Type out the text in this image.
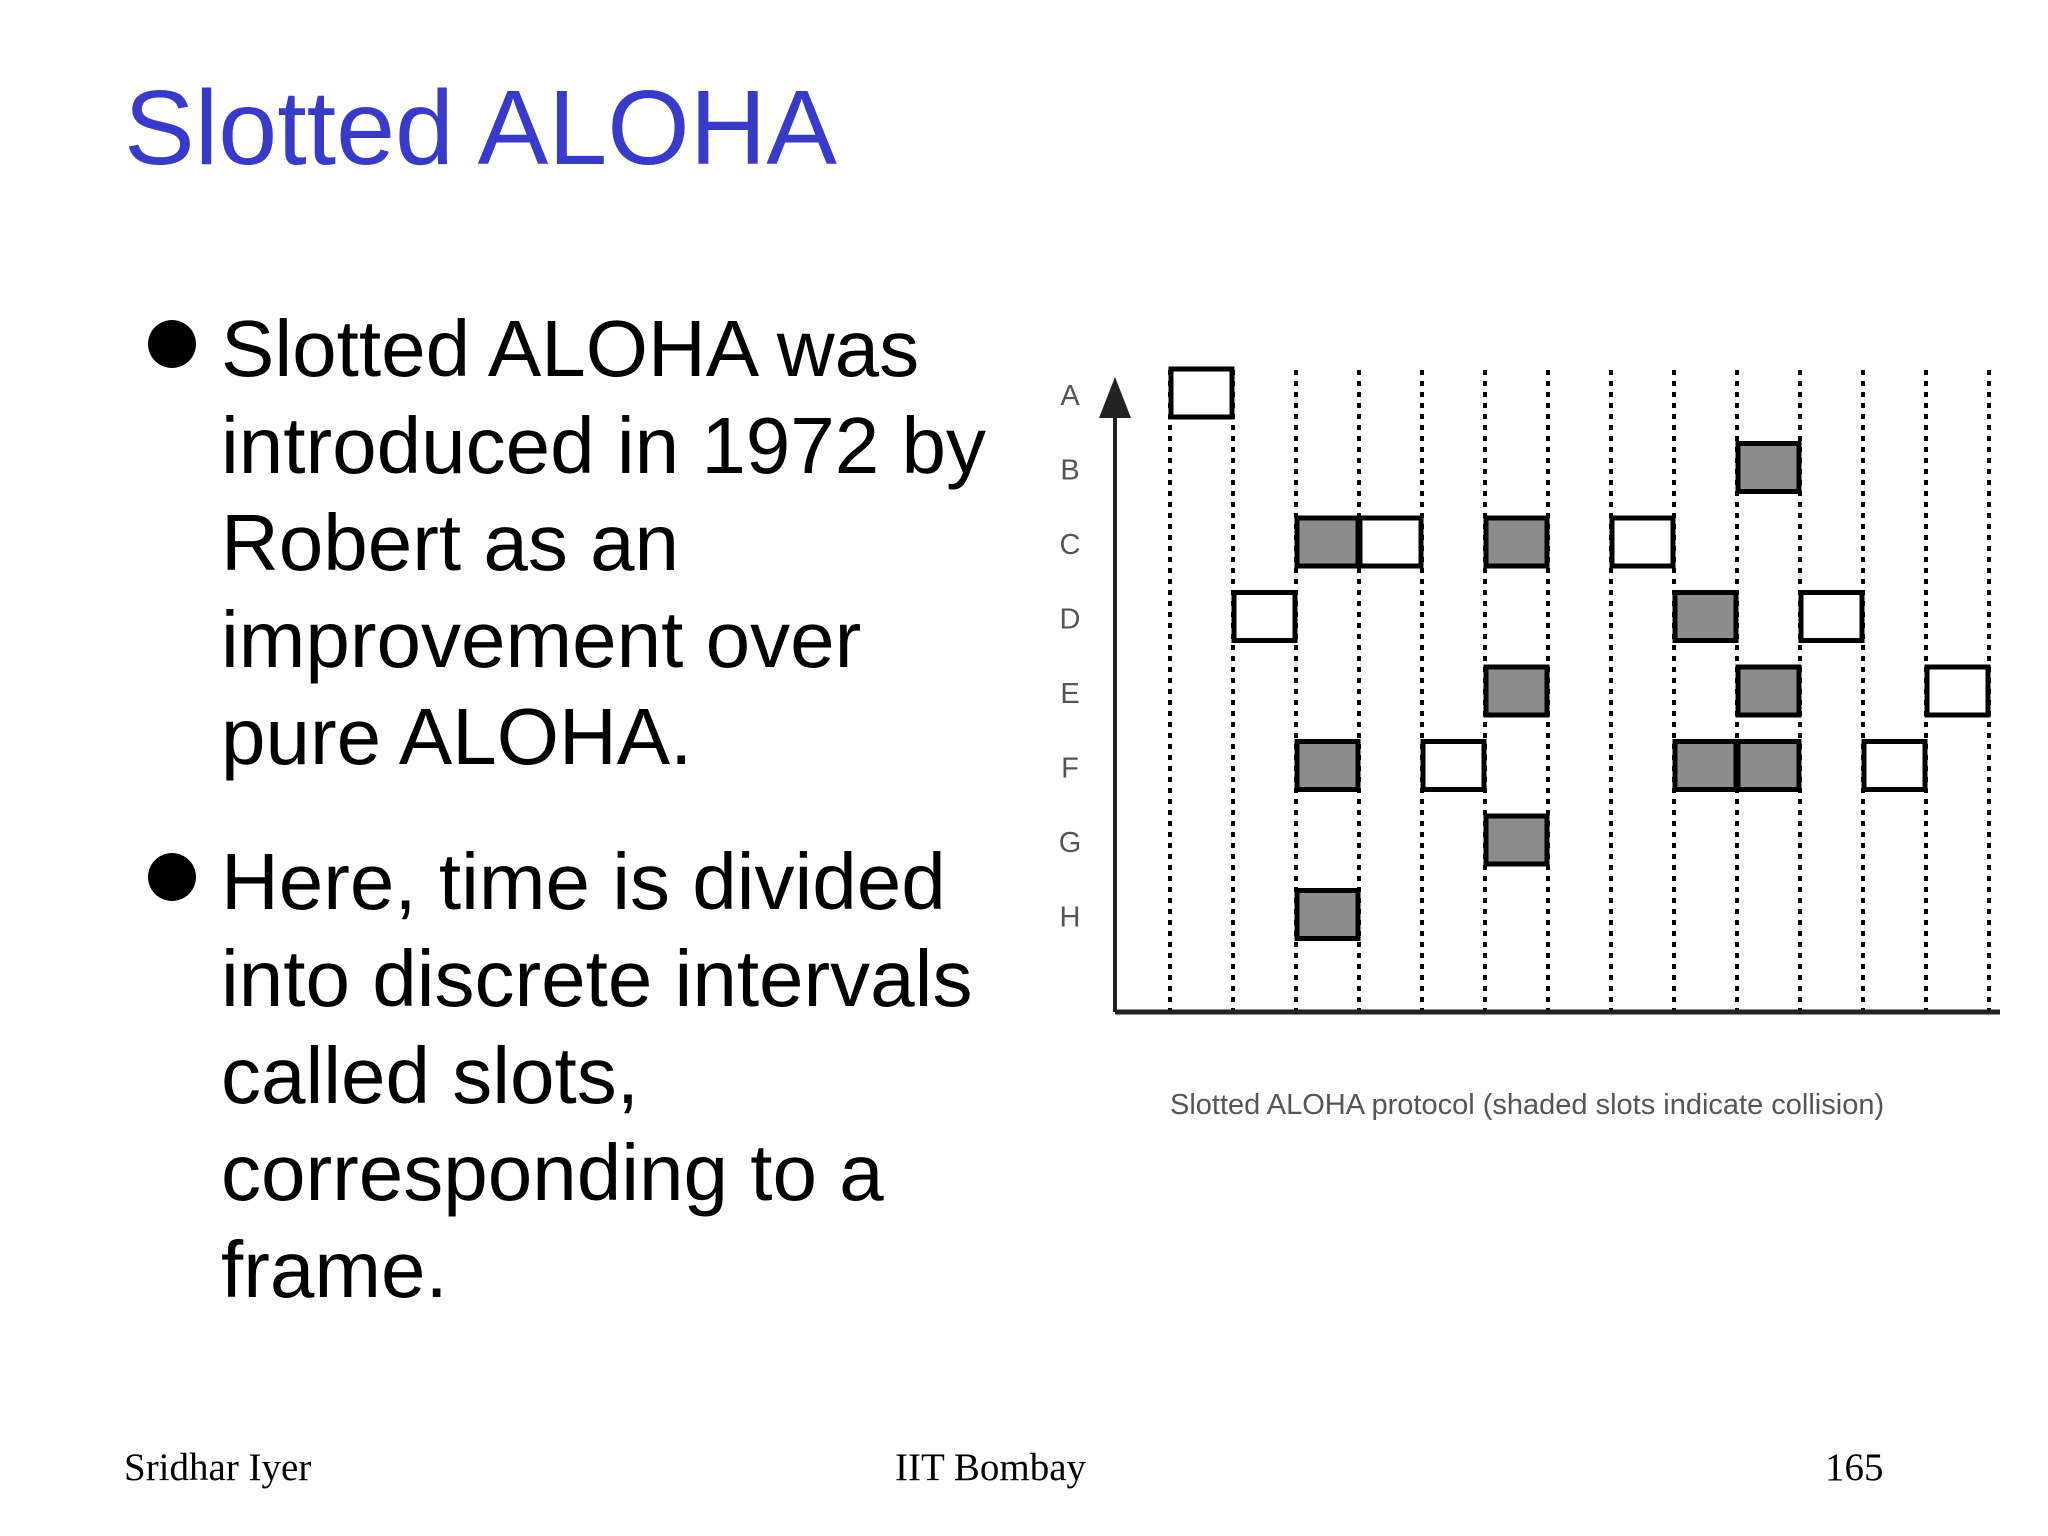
Slotted ALOHA
Slotted ALOHA was introduced in 1972 by Robert as an improvement over pure ALOHA.
Here, time is divided into discrete intervals called slots, corresponding to a frame.
A
B
C
D
E
F
G
H
Slotted ALOHA protocol (shaded slots indicate collision)
Sridhar Iyer	IIT Bombay	165
